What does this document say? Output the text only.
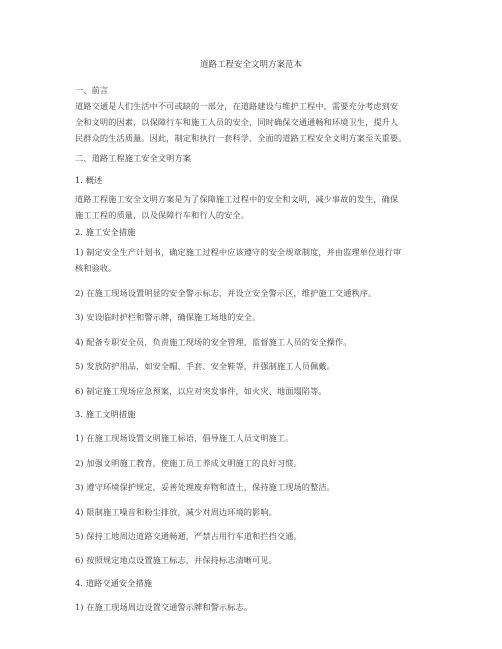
道路工程安全文明方案范本
一、前言
道路交通是人们生活中不可或缺的一部分，在道路建设与维护工程中，需要充分考虑到安
全和文明的因素，以保障行车和施工人员的安全，同时确保交通通畅和环境卫生，提升人
民群众的生活质量。因此，制定和执行一套科学、全面的道路工程安全文明方案至关重要。
二、道路工程施工安全文明方案
1. 概述
道路工程施工安全文明方案是为了保障施工过程中的安全和文明，减少事故的发生，确保
施工工程的质量，以及保障行车和行人的安全。
2. 施工安全措施
1) 制定安全生产计划书，确定施工过程中应该遵守的安全规章制度，并由监理单位进行审
核和验收。
2) 在施工现场设置明显的安全警示标志，并设立安全警示区，维护施工交通秩序。
3) 安设临时护栏和警示牌，确保施工场地的安全。
4) 配备专职安全员，负责施工现场的安全管理，监督施工人员的安全操作。
5) 发放防护用品，如安全帽、手套、安全鞋等，并强制施工人员佩戴。
6) 制定施工现场应急预案，以应对突发事件，如火灾、地面塌陷等。
3. 施工文明措施
1) 在施工现场设置文明施工标语，倡导施工人员文明施工。
2) 加强文明施工教育，使施工员工养成文明施工的良好习惯。
3) 遵守环境保护规定，妥善处理废弃物和渣土，保持施工现场的整洁。
4) 限制施工噪音和粉尘排放，减少对周边环境的影响。
5) 保持工地周边道路交通畅通，严禁占用行车道和拦挡交通。
6) 按照规定地点设置施工标志，并保持标志清晰可见。
4. 道路交通安全措施
1) 在施工现场周边设置交通警示牌和警示标志。
